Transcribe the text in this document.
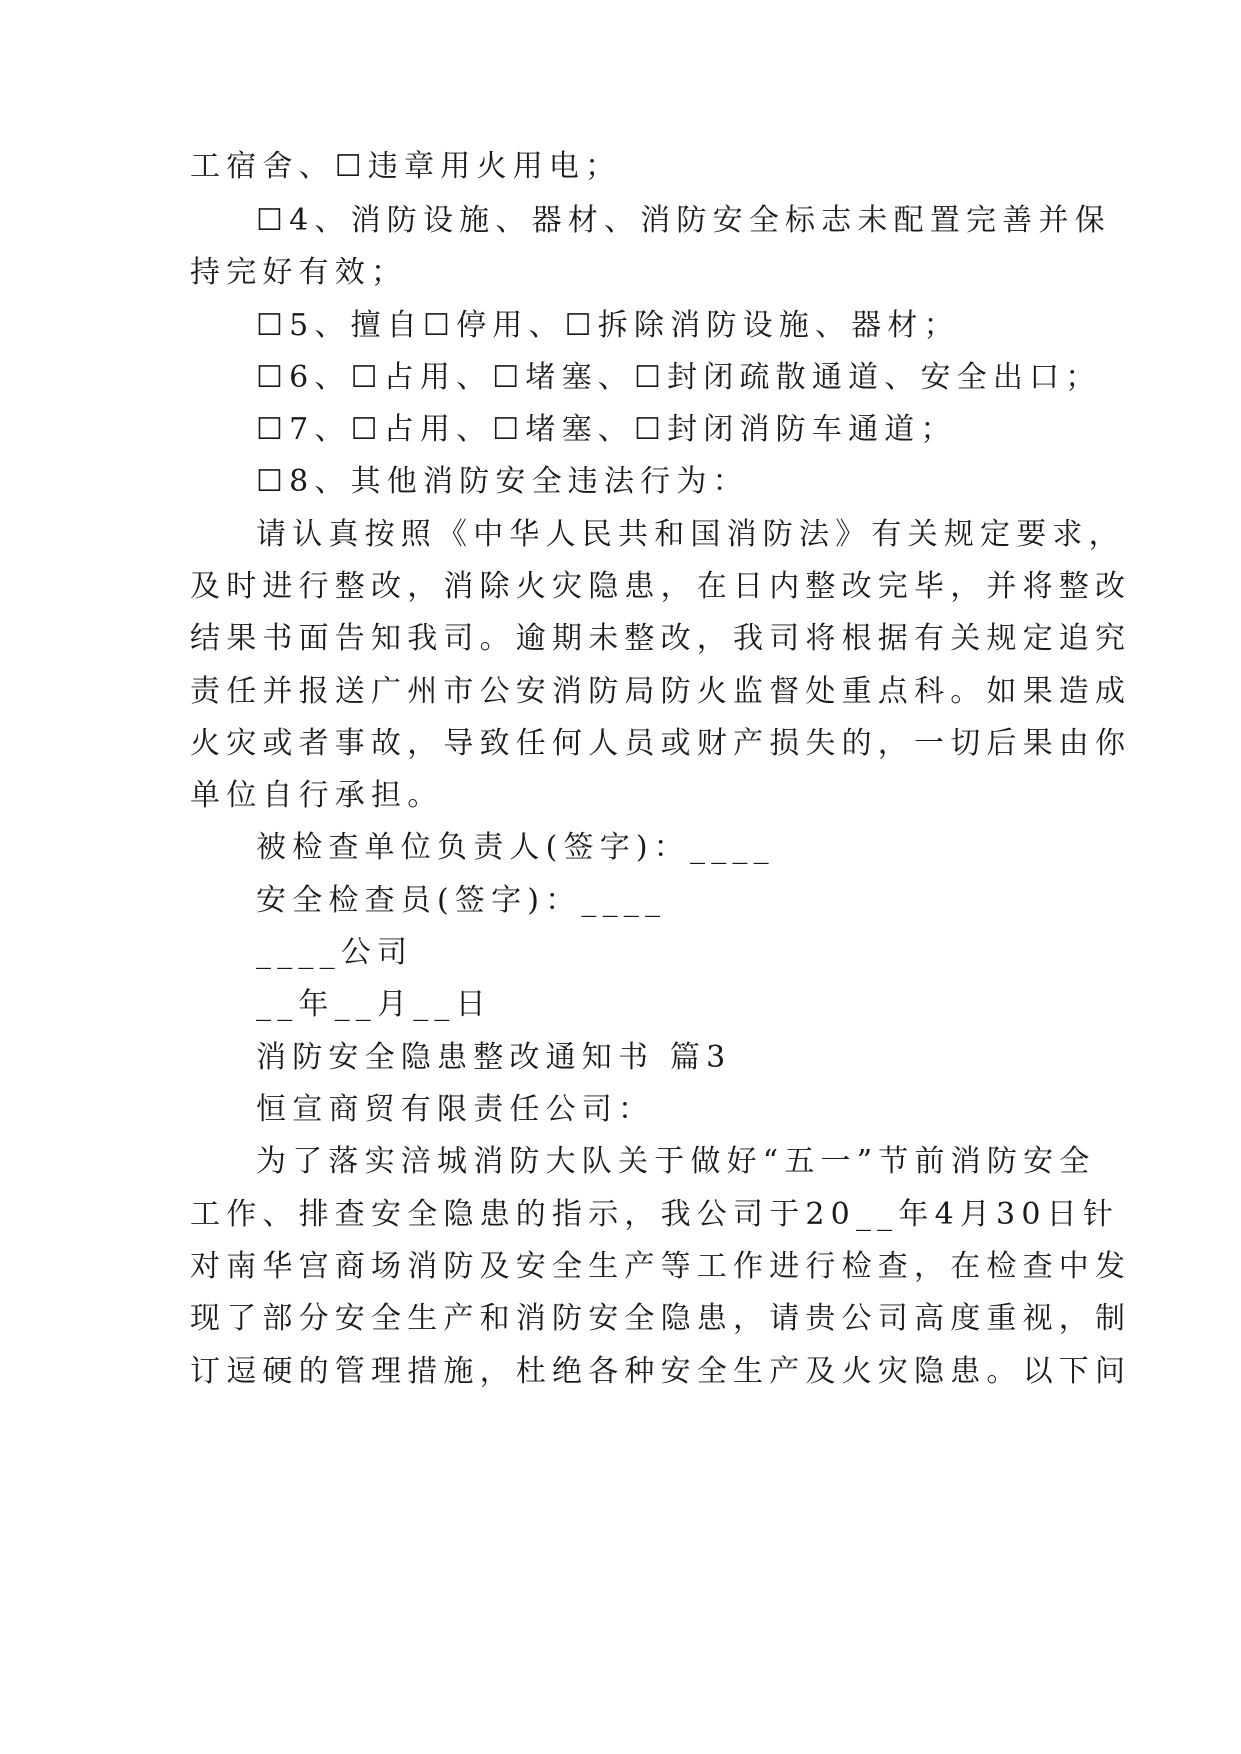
工宿舍、☐违章用火用电；
☐4、消防设施、器材、消防安全标志未配置完善并保
持完好有效；
☐5、擅自☐停用、☐拆除消防设施、器材；
☐6、☐占用、☐堵塞、☐封闭疏散通道、安全出口；
☐7、☐占用、☐堵塞、☐封闭消防车通道；
☐8、其他消防安全违法行为：
请认真按照《中华人民共和国消防法》有关规定要求，
及时进行整改，消除火灾隐患，在日内整改完毕，并将整改
结果书面告知我司。逾期未整改，我司将根据有关规定追究
责任并报送广州市公安消防局防火监督处重点科。如果造成
火灾或者事故，导致任何人员或财产损失的，一切后果由你
单位自行承担。
被检查单位负责人(签字)：____
安全检查员(签字)：____
____公司
__年__月__日
消防安全隐患整改通知书 篇3
恒宣商贸有限责任公司：
为了落实涪城消防大队关于做好“五一”节前消防安全
工作、排查安全隐患的指示，我公司于20__年4月30日针
对南华宫商场消防及安全生产等工作进行检查，在检查中发
现了部分安全生产和消防安全隐患，请贵公司高度重视，制
订逗硬的管理措施，杜绝各种安全生产及火灾隐患。以下问
